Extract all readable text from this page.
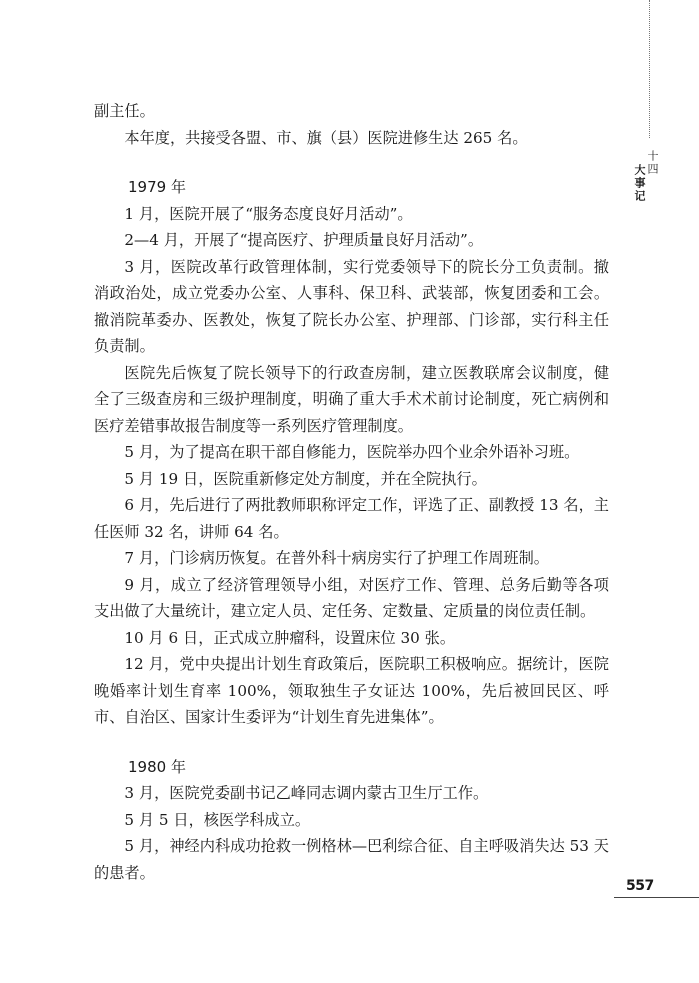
十四
大事记

副主任。

本年度，共接受各盟、市、旗（县）医院进修生达 265 名。

1979 年

1 月，医院开展了“服务态度良好月活动”。

2—4 月，开展了“提高医疗、护理质量良好月活动”。

3 月，医院改革行政管理体制，实行党委领导下的院长分工负责制。撤消政治处，成立党委办公室、人事科、保卫科、武装部，恢复团委和工会。撤消院革委办、医教处，恢复了院长办公室、护理部、门诊部，实行科主任负责制。

医院先后恢复了院长领导下的行政查房制，建立医教联席会议制度，健全了三级查房和三级护理制度，明确了重大手术术前讨论制度，死亡病例和医疗差错事故报告制度等一系列医疗管理制度。

5 月，为了提高在职干部自修能力，医院举办四个业余外语补习班。

5 月 19 日，医院重新修定处方制度，并在全院执行。

6 月，先后进行了两批教师职称评定工作，评选了正、副教授 13 名，主任医师 32 名，讲师 64 名。

7 月，门诊病历恢复。在普外科十病房实行了护理工作周班制。

9 月，成立了经济管理领导小组，对医疗工作、管理、总务后勤等各项支出做了大量统计，建立定人员、定任务、定数量、定质量的岗位责任制。

10 月 6 日，正式成立肿瘤科，设置床位 30 张。

12 月，党中央提出计划生育政策后，医院职工积极响应。据统计，医院晚婚率计划生育率 100%，领取独生子女证达 100%，先后被回民区、呼市、自治区、国家计生委评为“计划生育先进集体”。

1980 年

3 月，医院党委副书记乙峰同志调内蒙古卫生厅工作。

5 月 5 日，核医学科成立。

5 月，神经内科成功抢救一例格林—巴利综合征、自主呼吸消失达 53 天的患者。

557
